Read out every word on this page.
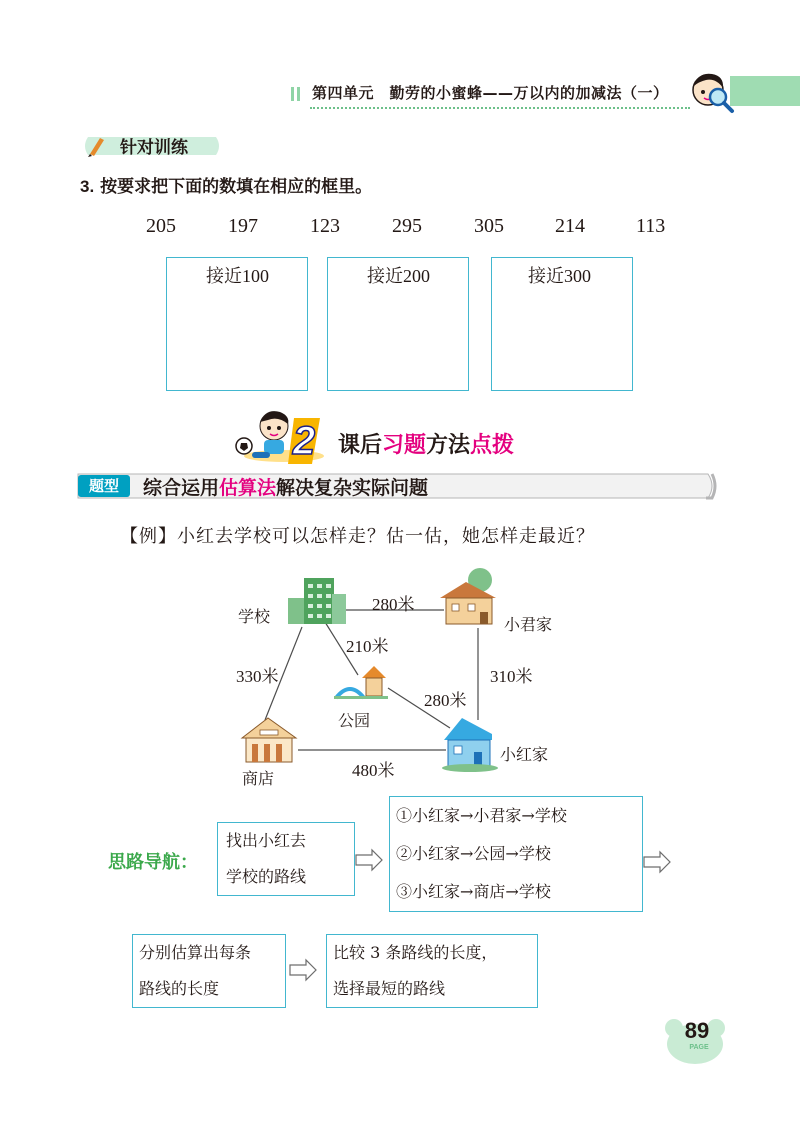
第四单元　勤劳的小蜜蜂——万以内的加减法（一）
针对训练
3. 按要求把下面的数填在相应的框里。
205	197	123	295	305	214	113
接近100	接近200	接近300
2 课后习题方法点拨
题型	综合运用估算法解决复杂实际问题
【例】小红去学校可以怎样走？估一估，她怎样走最近？
学校	小君家
公园
商店
小红家
280米
210米
330米	310米
280米
480米
思路导航：
找出小红去
学校的路线
①小红家→小君家→学校
②小红家→公园→学校
③小红家→商店→学校
分别估算出每条
路线的长度
比较 3 条路线的长度，
选择最短的路线
89
PAGE
